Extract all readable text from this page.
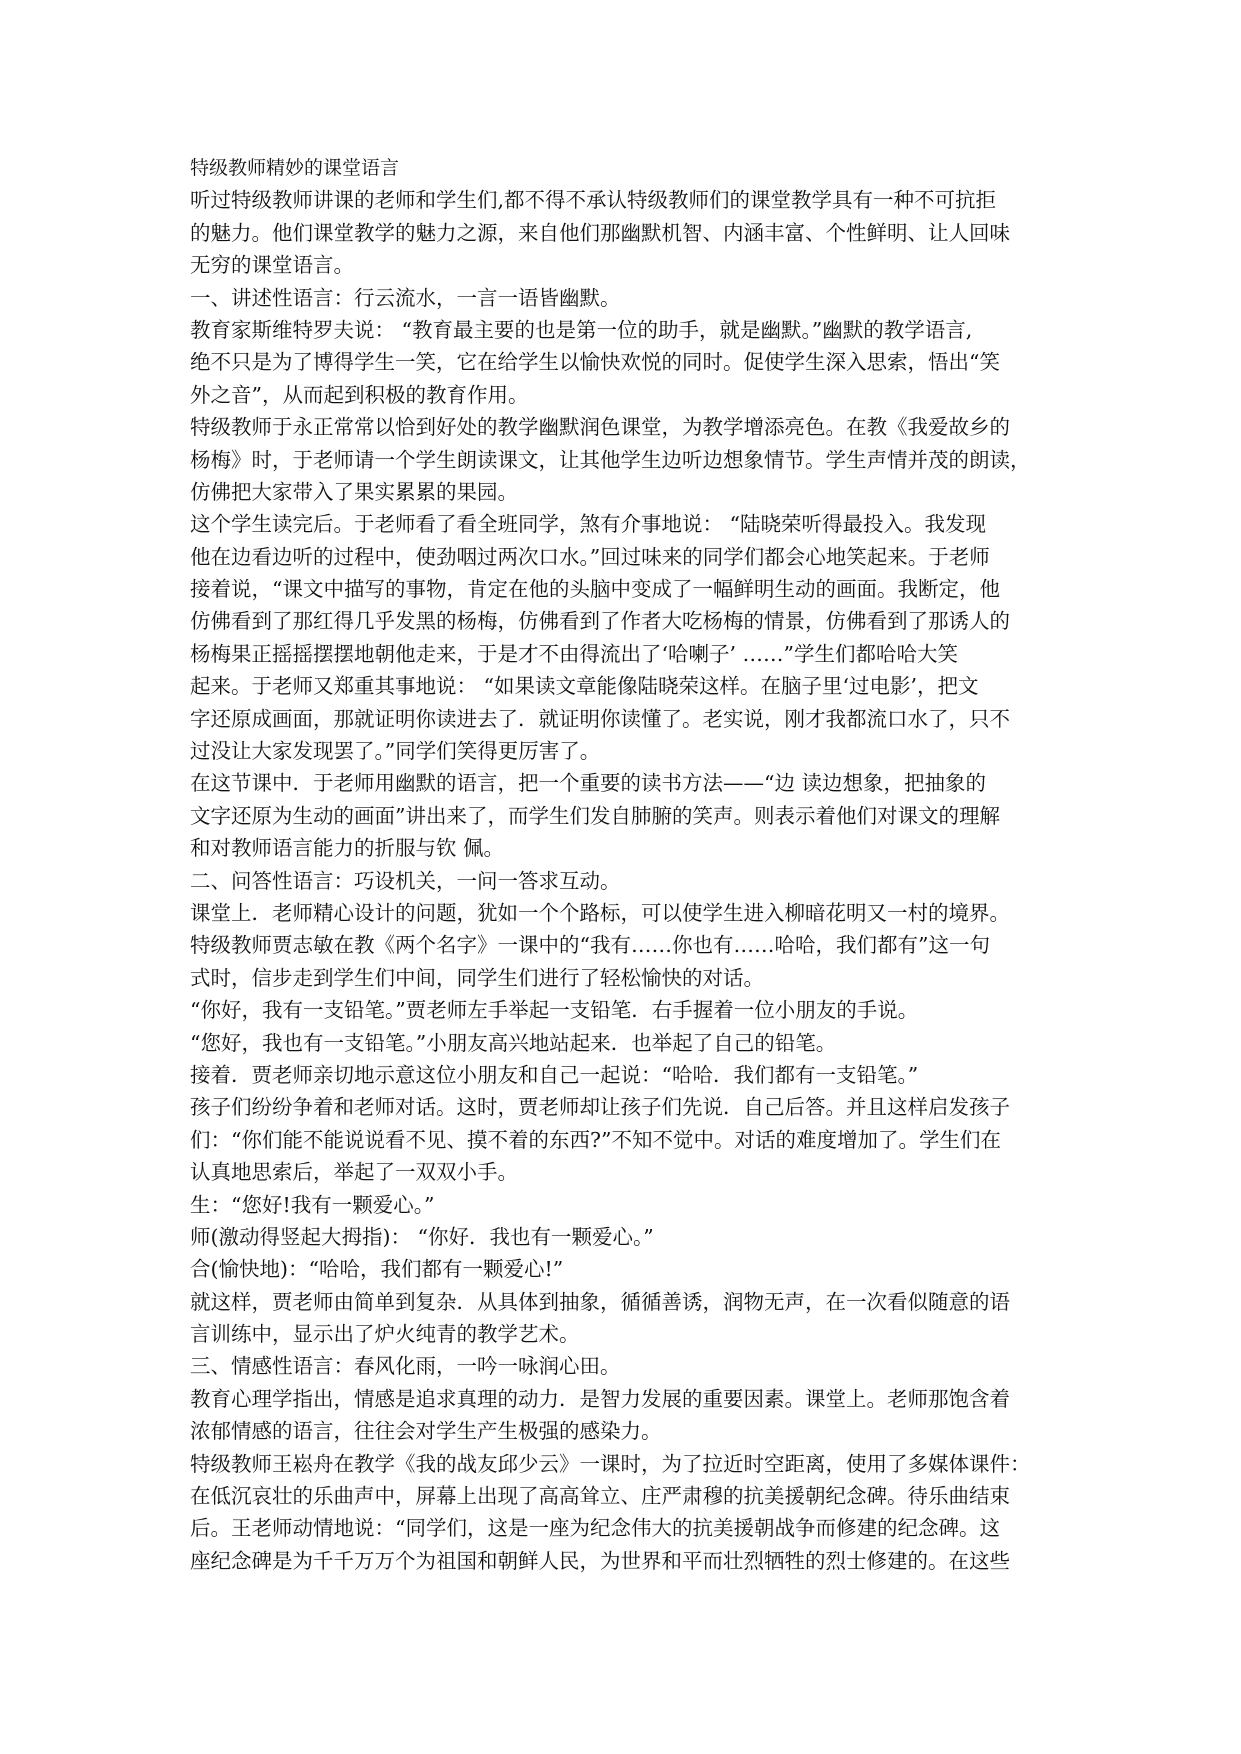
特级教师精妙的课堂语言
听过特级教师讲课的老师和学生们,都不得不承认特级教师们的课堂教学具有一种不可抗拒
的魅力。他们课堂教学的魅力之源，来自他们那幽默机智、内涵丰富、个性鲜明、让人回味
无穷的课堂语言。
一、讲述性语言：行云流水，一言一语皆幽默。
教育家斯维特罗夫说： “教育最主要的也是第一位的助手，就是幽默。”幽默的教学语言,
绝不只是为了博得学生一笑，它在给学生以愉快欢悦的同时。促使学生深入思索，悟出“笑
外之音”，从而起到积极的教育作用。
特级教师于永正常常以恰到好处的教学幽默润色课堂，为教学增添亮色。在教《我爱故乡的
杨梅》时，于老师请一个学生朗读课文，让其他学生边听边想象情节。学生声情并茂的朗读，
仿佛把大家带入了果实累累的果园。
这个学生读完后。于老师看了看全班同学，煞有介事地说： “陆晓荣听得最投入。我发现
他在边看边听的过程中，使劲咽过两次口水。”回过味来的同学们都会心地笑起来。于老师
接着说，“课文中描写的事物，肯定在他的头脑中变成了一幅鲜明生动的画面。我断定，他
仿佛看到了那红得几乎发黑的杨梅，仿佛看到了作者大吃杨梅的情景，仿佛看到了那诱人的
杨梅果正摇摇摆摆地朝他走来，于是才不由得流出了‘哈喇子’ ……”学生们都哈哈大笑
起来。于老师又郑重其事地说： “如果读文章能像陆晓荣这样。在脑子里‘过电影’，把文
字还原成画面，那就证明你读进去了．就证明你读懂了。老实说，刚才我都流口水了，只不
过没让大家发现罢了。”同学们笑得更厉害了。
在这节课中．于老师用幽默的语言，把一个重要的读书方法——“边 读边想象，把抽象的
文字还原为生动的画面”讲出来了，而学生们发自肺腑的笑声。则表示着他们对课文的理解
和对教师语言能力的折服与钦 佩。
二、问答性语言：巧设机关，一问一答求互动。
课堂上．老师精心设计的问题，犹如一个个路标，可以使学生进入柳暗花明又一村的境界。
特级教师贾志敏在教《两个名字》一课中的“我有……你也有……哈哈，我们都有”这一句
式时，信步走到学生们中间，同学生们进行了轻松愉快的对话。
“你好，我有一支铅笔。”贾老师左手举起一支铅笔．右手握着一位小朋友的手说。
“您好，我也有一支铅笔。”小朋友高兴地站起来．也举起了自己的铅笔。
接着．贾老师亲切地示意这位小朋友和自己一起说：“哈哈．我们都有一支铅笔。”
孩子们纷纷争着和老师对话。这时，贾老师却让孩子们先说．自己后答。并且这样启发孩子
们：“你们能不能说说看不见、摸不着的东西?”不知不觉中。对话的难度增加了。学生们在
认真地思索后，举起了一双双小手。
生：“您好!我有一颗爱心。”
师(激动得竖起大拇指)： “你好．我也有一颗爱心。”
合(愉快地)：“哈哈，我们都有一颗爱心!”
就这样，贾老师由简单到复杂．从具体到抽象，循循善诱，润物无声，在一次看似随意的语
言训练中，显示出了炉火纯青的教学艺术。
三、情感性语言：春风化雨，一吟一咏润心田。
教育心理学指出，情感是追求真理的动力．是智力发展的重要因素。课堂上。老师那饱含着
浓郁情感的语言，往往会对学生产生极强的感染力。
特级教师王崧舟在教学《我的战友邱少云》一课时，为了拉近时空距离，使用了多媒体课件：
在低沉哀壮的乐曲声中，屏幕上出现了高高耸立、庄严肃穆的抗美援朝纪念碑。待乐曲结束
后。王老师动情地说：“同学们，这是一座为纪念伟大的抗美援朝战争而修建的纪念碑。这
座纪念碑是为千千万万个为祖国和朝鲜人民，为世界和平而壮烈牺牲的烈士修建的。在这些
